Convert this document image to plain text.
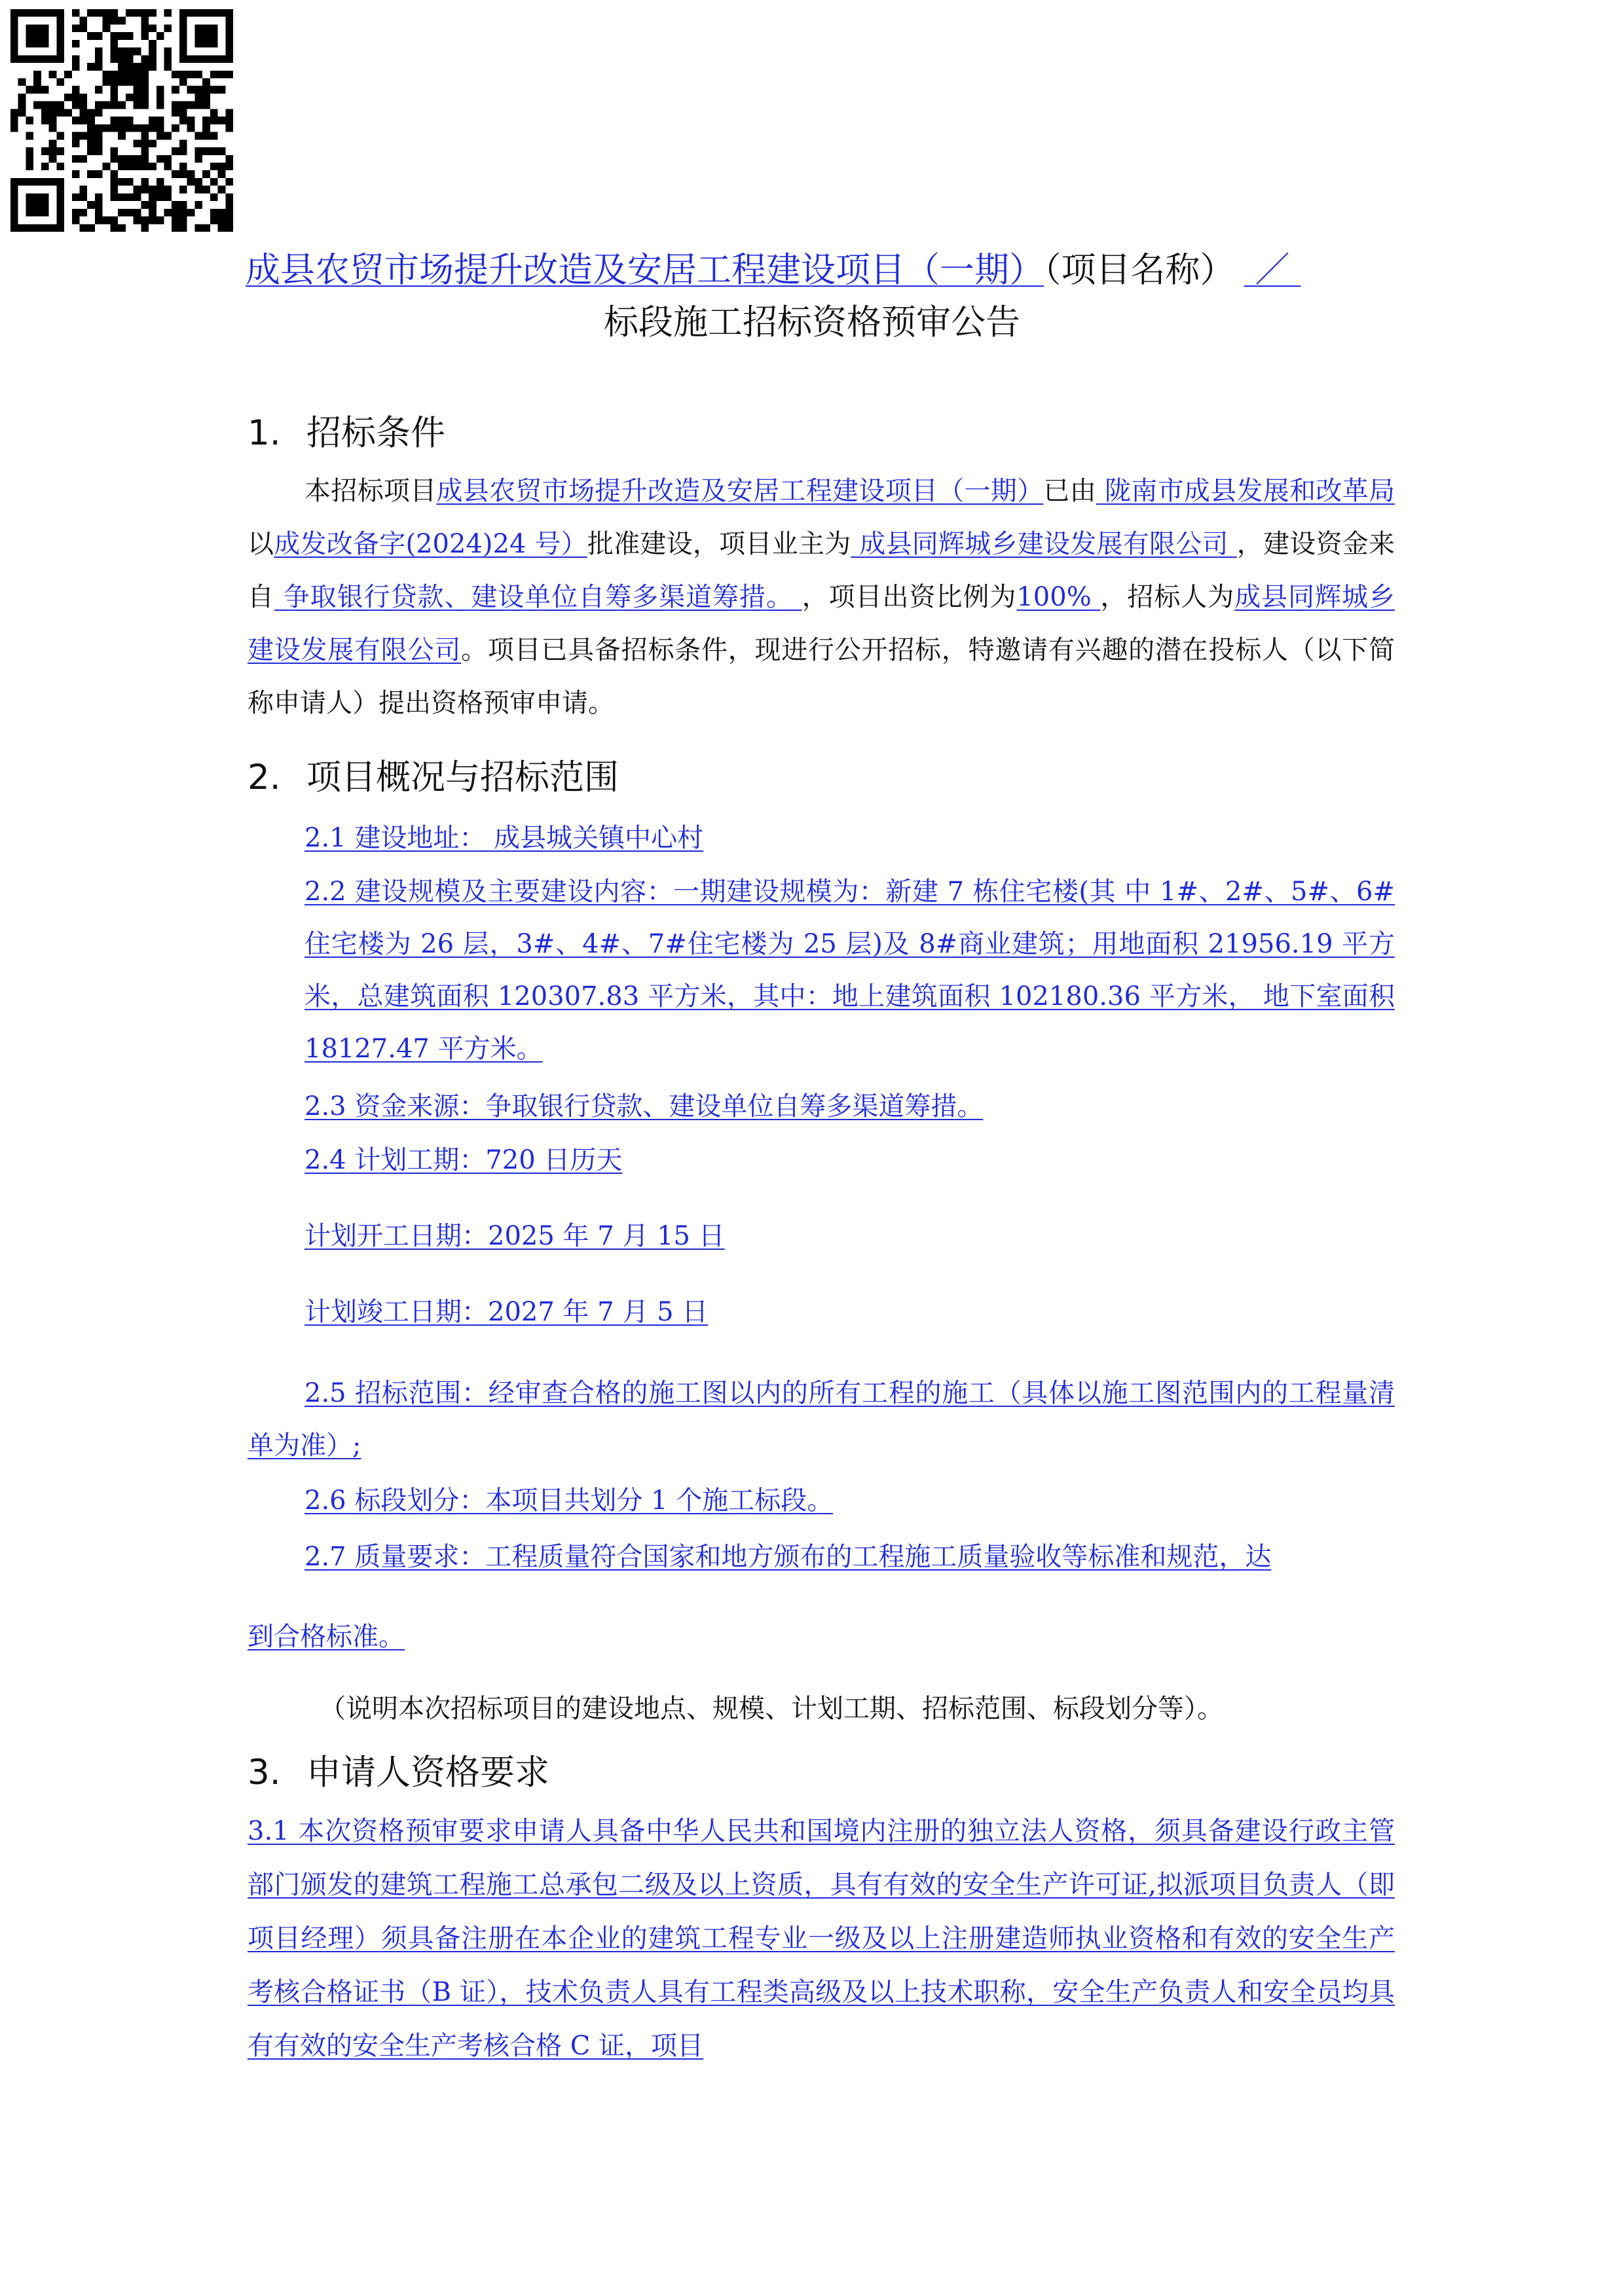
成县农贸市场提升改造及安居工程建设项目（一期）（项目名称） ／
标段施工招标资格预审公告
1. 招标条件
本招标项目成县农贸市场提升改造及安居工程建设项目（一期）已由 陇南市成县发展和改革局 以成发改备字(2024)24 号）批准建设，项目业主为 成县同辉城乡建设发展有限公司 ，建设资金来自 争取银行贷款、建设单位自筹多渠道筹措。 ，项目出资比例为100% ，招标人为成县同辉城乡建设发展有限公司。项目已具备招标条件，现进行公开招标，特邀请有兴趣的潜在投标人（以下简称申请人）提出资格预审申请。
2. 项目概况与招标范围
2.1 建设地址： 成县城关镇中心村
2.2 建设规模及主要建设内容：一期建设规模为：新建 7 栋住宅楼(其 中 1#、2#、5#、6#住宅楼为 26 层，3#、4#、7#住宅楼为 25 层)及 8#商业建筑；用地面积 21956.19 平方米，总建筑面积 120307.83 平方米，其中：地上建筑面积 102180.36 平方米， 地下室面积 18127.47 平方米。
2.3 资金来源：争取银行贷款、建设单位自筹多渠道筹措。
2.4 计划工期：720 日历天
计划开工日期：2025 年 7 月 15 日
计划竣工日期：2027 年 7 月 5 日
2.5 招标范围：经审查合格的施工图以内的所有工程的施工（具体以施工图范围内的工程量清单为准）;
2.6 标段划分：本项目共划分 1 个施工标段。
2.7 质量要求：工程质量符合国家和地方颁布的工程施工质量验收等标准和规范，达
到合格标准。
（说明本次招标项目的建设地点、规模、计划工期、招标范围、标段划分等）。
3. 申请人资格要求
3.1 本次资格预审要求申请人具备中华人民共和国境内注册的独立法人资格，须具备建设行政主管部门颁发的建筑工程施工总承包二级及以上资质，具有有效的安全生产许可证,拟派项目负责人（即项目经理）须具备注册在本企业的建筑工程专业一级及以上注册建造师执业资格和有效的安全生产考核合格证书（B 证），技术负责人具有工程类高级及以上技术职称，安全生产负责人和安全员均具有有效的安全生产考核合格 C 证，项目
